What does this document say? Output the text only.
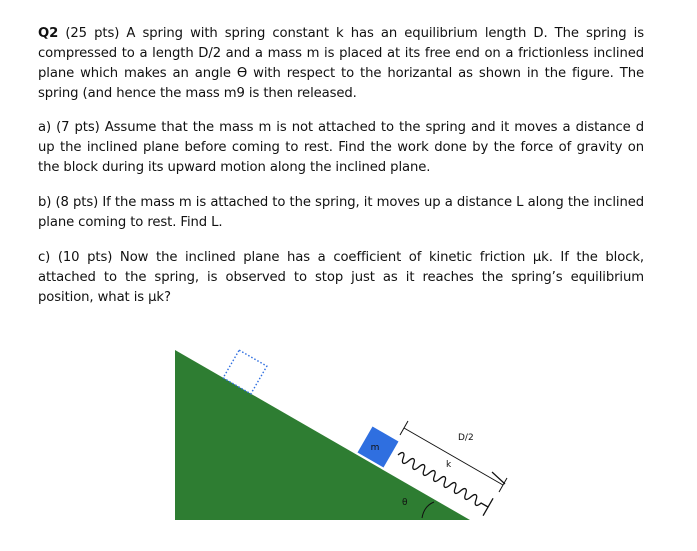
Q2 (25 pts) A spring with spring constant k has an equilibrium length D. The spring is compressed to a length D/2 and a mass m is placed at its free end on a frictionless inclined plane which makes an angle ϴ with respect to the horizantal as shown in the figure. The spring (and hence the mass m9 is then released.
a) (7 pts) Assume that the mass m is not attached to the spring and it moves a distance d up the inclined plane before coming to rest. Find the work done by the force of gravity on the block during its upward motion along the inclined plane.
b) (8 pts) If the mass m is attached to the spring, it moves up a distance L along the inclined plane coming to rest. Find L.
c) (10 pts) Now the inclined plane has a coefficient of kinetic friction μk. If the block, attached to the spring, is observed to stop just as it reaches the spring’s equilibrium position, what is μk?
m
D/2
k
θ
